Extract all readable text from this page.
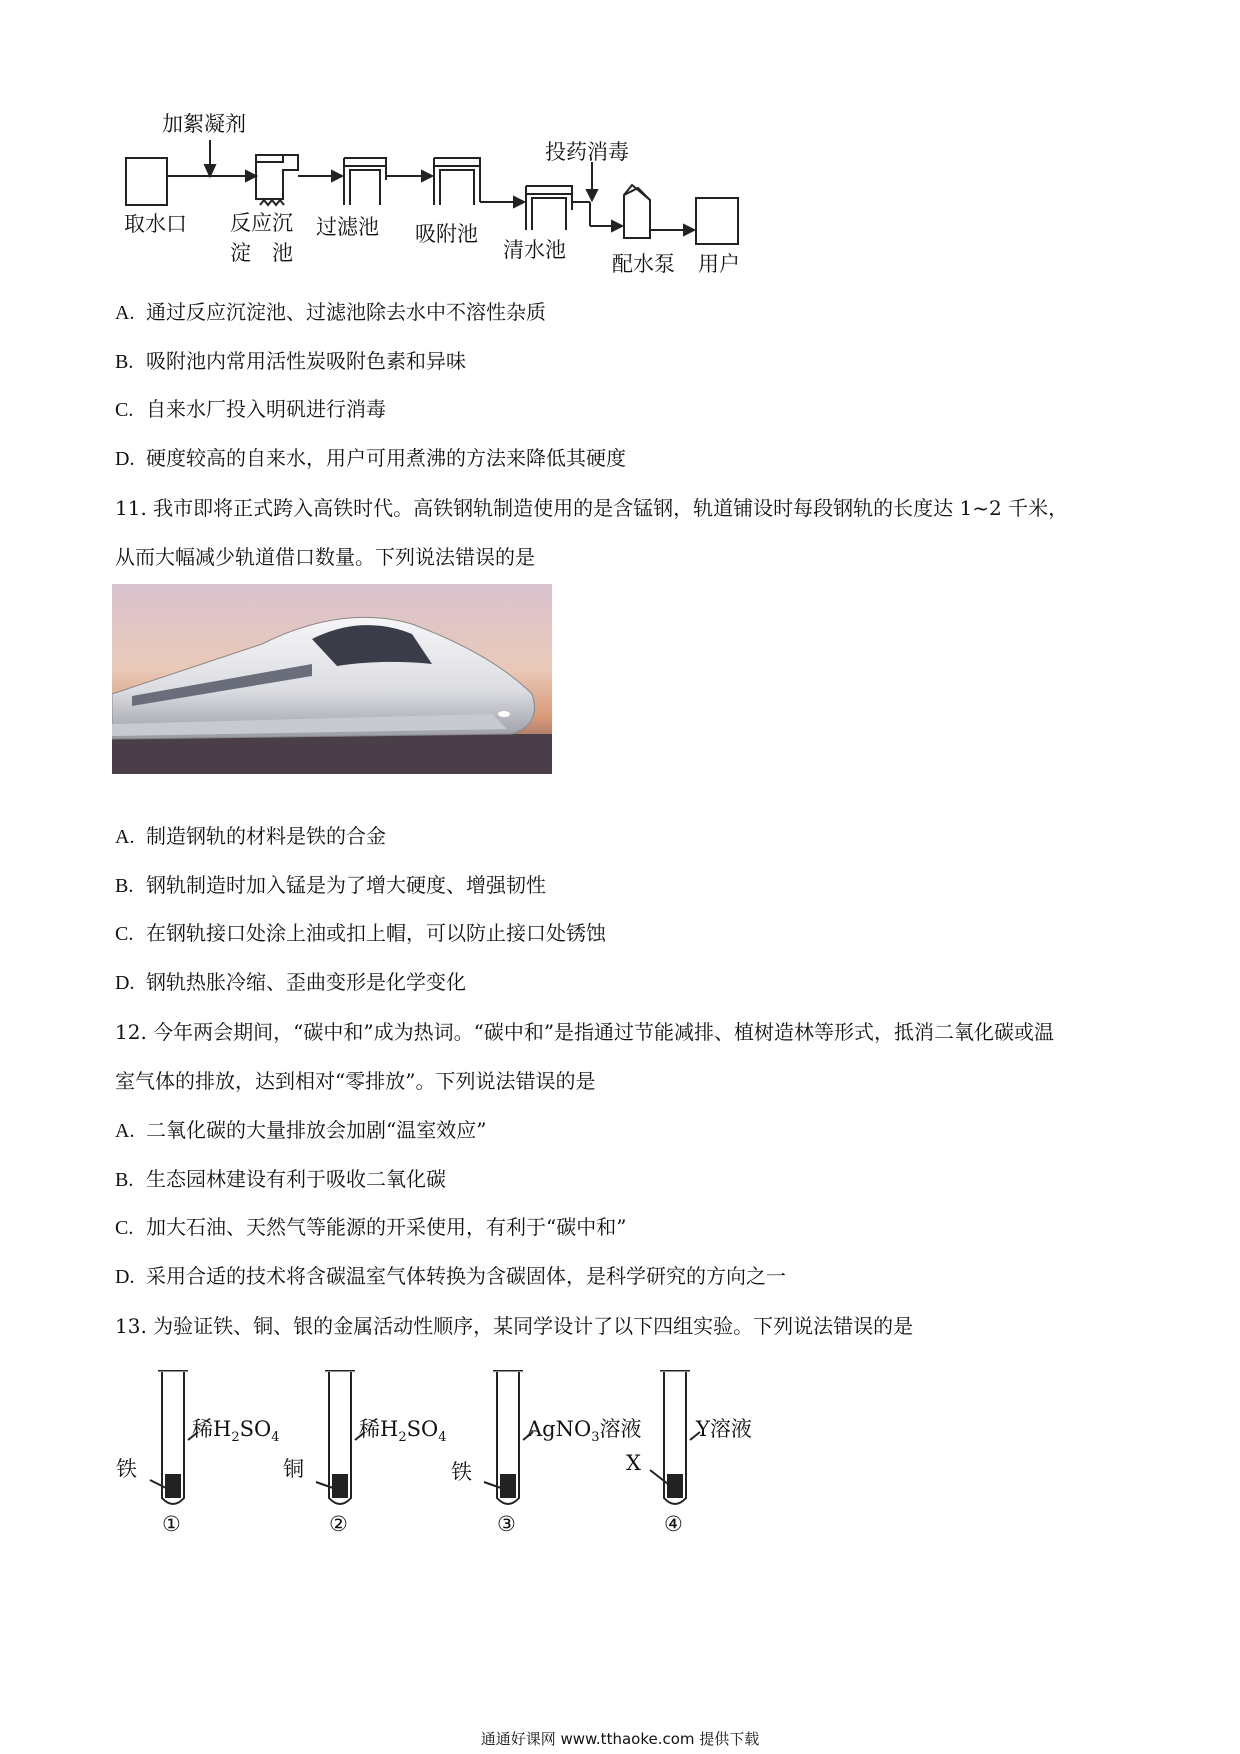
加絮凝剂
投药消毒
取水口 反应沉
淀　池
过滤池 吸附池
清水池
配水泵 用户
A. 通过反应沉淀池、过滤池除去水中不溶性杂质
B. 吸附池内常用活性炭吸附色素和异味
C. 自来水厂投入明矾进行消毒
D. 硬度较高的自来水，用户可用煮沸的方法来降低其硬度
11. 我市即将正式跨入高铁时代。高铁钢轨制造使用的是含锰钢，轨道铺设时每段钢轨的长度达 1~2 千米，
从而大幅减少轨道借口数量。下列说法错误的是
A. 制造钢轨的材料是铁的合金
B. 钢轨制造时加入锰是为了增大硬度、增强韧性
C. 在钢轨接口处涂上油或扣上帽，可以防止接口处锈蚀
D. 钢轨热胀冷缩、歪曲变形是化学变化
12. 今年两会期间，“碳中和”成为热词。“碳中和”是指通过节能减排、植树造林等形式，抵消二氧化碳或温
室气体的排放，达到相对“零排放”。下列说法错误的是
A. 二氧化碳的大量排放会加剧“温室效应”
B. 生态园林建设有利于吸收二氧化碳
C. 加大石油、天然气等能源的开采使用，有利于“碳中和”
D. 采用合适的技术将含碳温室气体转换为含碳固体，是科学研究的方向之一
13. 为验证铁、铜、银的金属活动性顺序，某同学设计了以下四组实验。下列说法错误的是
铁
稀$H_2SO_4$
①
铜
稀$H_2SO_4$
②
铁
AgNO$_3$溶液
③
X
Y溶液
④
通通好课网 www.tthaoke.com 提供下载
